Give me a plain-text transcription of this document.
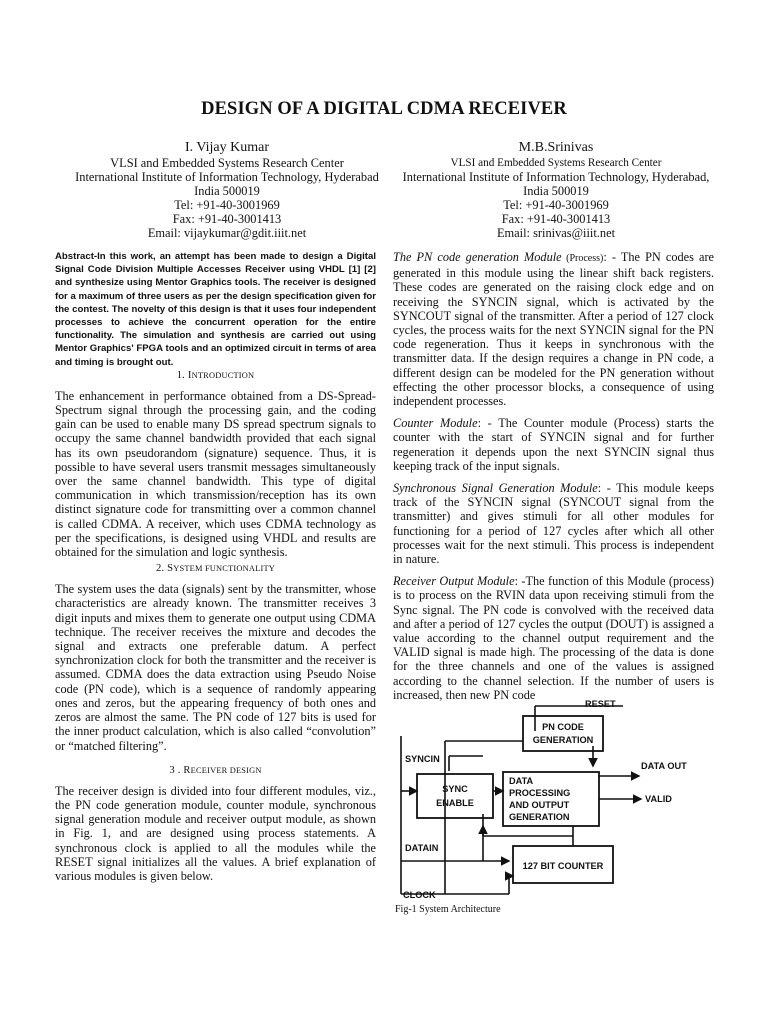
DESIGN OF A DIGITAL CDMA RECEIVER
I. Vijay Kumar
VLSI and Embedded Systems Research Center
International Institute of Information Technology, Hyderabad
India 500019
Tel: +91-40-3001969
Fax: +91-40-3001413
Email: vijaykumar@gdit.iiit.net
M.B.Srinivas
VLSI and Embedded Systems Research Center
International Institute of Information Technology, Hyderabad,
India 500019
Tel: +91-40-3001969
Fax: +91-40-3001413
Email: srinivas@iiit.net

Abstract-In this work, an attempt has been made to design a Digital Signal Code Division Multiple Accesses Receiver using VHDL [1] [2] and synthesize using Mentor Graphics tools. The receiver is designed for a maximum of three users as per the design specification given for the contest. The novelty of this design is that it uses four independent processes to achieve the concurrent operation for the entire functionality. The simulation and synthesis are carried out using Mentor Graphics' FPGA tools and an optimized circuit in terms of area and timing is brought out.

1. INTRODUCTION

The enhancement in performance obtained from a DS-Spread-Spectrum signal through the processing gain, and the coding gain can be used to enable many DS spread spectrum signals to occupy the same channel bandwidth provided that each signal has its own pseudorandom (signature) sequence. Thus, it is possible to have several users transmit messages simultaneously over the same channel bandwidth. This type of digital communication in which transmission/reception has its own distinct signature code for transmitting over a common channel is called CDMA. A receiver, which uses CDMA technology as per the specifications, is designed using VHDL and results are obtained for the simulation and logic synthesis.

2. SYSTEM FUNCTIONALITY

The system uses the data (signals) sent by the transmitter, whose characteristics are already known. The transmitter receives 3 digit inputs and mixes them to generate one output using CDMA technique. The receiver receives the mixture and decodes the signal and extracts one preferable datum. A perfect synchronization clock for both the transmitter and the receiver is assumed. CDMA does the data extraction using Pseudo Noise code (PN code), which is a sequence of randomly appearing ones and zeros, but the appearing frequency of both ones and zeros are almost the same. The PN code of 127 bits is used for the inner product calculation, which is also called “convolution” or “matched filtering”.

3 . RECEIVER DESIGN

The receiver design is divided into four different modules, viz., the PN code generation module, counter module, synchronous signal generation module and receiver output module, as shown in Fig. 1, and are designed using process statements. A synchronous clock is applied to all the modules while the RESET signal initializes all the values. A brief explanation of various modules is given below.

The PN code generation Module (Process): - The PN codes are generated in this module using the linear shift back registers. These codes are generated on the raising clock edge and on receiving the SYNCIN signal, which is activated by the SYNCOUT signal of the transmitter. After a period of 127 clock cycles, the process waits for the next SYNCIN signal for the PN code regeneration. Thus it keeps in synchronous with the transmitter data. If the design requires a change in PN code, a different design can be modeled for the PN generation without effecting the other processor blocks, a consequence of using independent processes.

Counter Module: - The Counter module (Process) starts the counter with the start of SYNCIN signal and for further regeneration it depends upon the next SYNCIN signal thus keeping track of the input signals.

Synchronous Signal Generation Module: - This module keeps track of the SYNCIN signal (SYNCOUT signal from the transmitter) and gives stimuli for all other modules for functioning for a period of 127 cycles after which all other processes wait for the next stimuli. This process is independent in nature.

Receiver Output Module: -The function of this Module (process) is to process on the RVIN data upon receiving stimuli from the Sync signal. The PN code is convolved with the received data and after a period of 127 cycles the output (DOUT) is assigned a value according to the channel output requirement and the VALID signal is made high. The processing of the data is done for the three channels and one of the values is assigned according to the channel selection. If the number of users is increased, then new PN code

RESET
PN CODE
GENERATION
SYNCIN
SYNC
ENABLE
DATA
PROCESSING
AND OUTPUT
GENERATION
DATA OUT
VALID
DATAIN
127 BIT COUNTER
CLOCK
Fig-1 System Architecture
